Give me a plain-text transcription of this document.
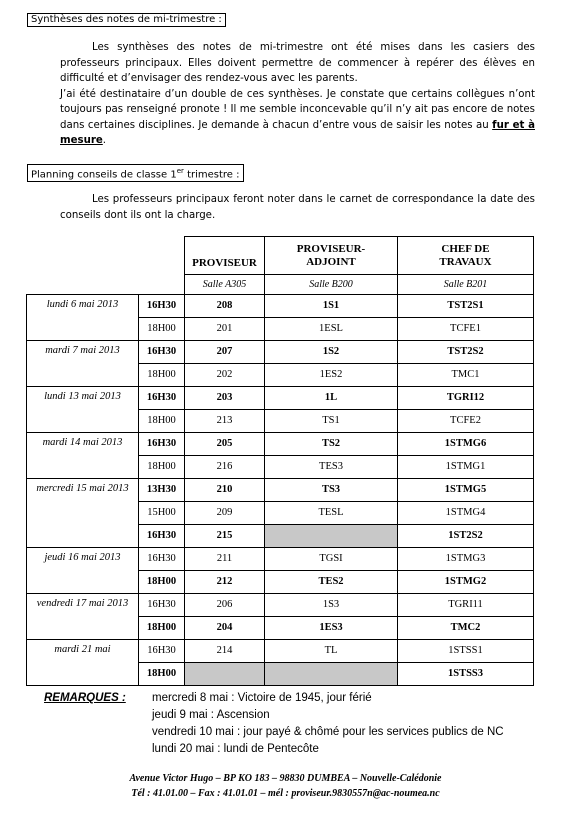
Synthèses des notes de mi-trimestre :

Les synthèses des notes de mi-trimestre ont été mises dans les casiers des professeurs principaux. Elles doivent permettre de commencer à repérer des élèves en difficulté et d’envisager des rendez-vous avec les parents.

J’ai été destinataire d’un double de ces synthèses. Je constate que certains collègues n’ont toujours pas renseigné pronote ! Il me semble inconcevable qu’il n’y ait pas encore de notes dans certaines disciplines. Je demande à chacun d’entre vous de saisir les notes au fur et à mesure.

Planning conseils de classe 1er trimestre :

Les professeurs principaux feront noter dans le carnet de correspondance la date des conseils dont ils ont la charge.

		PROVISEUR	PROVISEUR-ADJOINT	CHEF DE TRAVAUX
		Salle A305	Salle B200	Salle B201
lundi 6 mai 2013	16H30	208	1S1	TST2S1
	18H00	201	1ESL	TCFE1
mardi 7 mai 2013	16H30	207	1S2	TST2S2
	18H00	202	1ES2	TMC1
lundi 13 mai 2013	16H30	203	1L	TGRI12
	18H00	213	TS1	TCFE2
mardi 14 mai 2013	16H30	205	TS2	1STMG6
	18H00	216	TES3	1STMG1
mercredi 15 mai 2013	13H30	210	TS3	1STMG5
	15H00	209	TESL	1STMG4
	16H30	215		1ST2S2
jeudi 16 mai 2013	16H30	211	TGSI	1STMG3
	18H00	212	TES2	1STMG2
vendredi 17 mai 2013	16H30	206	1S3	TGRI11
	18H00	204	1ES3	TMC2
mardi 21 mai	16H30	214	TL	1STSS1
	18H00			1STSS3
REMARQUES : mercredi 8 mai : Victoire de 1945, jour férié
jeudi 9 mai : Ascension
vendredi 10 mai : jour payé & chômé pour les services publics de NC
lundi 20 mai : lundi de Pentecôte
Avenue Victor Hugo – BP KO 183 – 98830 DUMBEA – Nouvelle-Calédonie
Tél : 41.01.00 – Fax : 41.01.01 – mél : proviseur.9830557n@ac-noumea.nc
